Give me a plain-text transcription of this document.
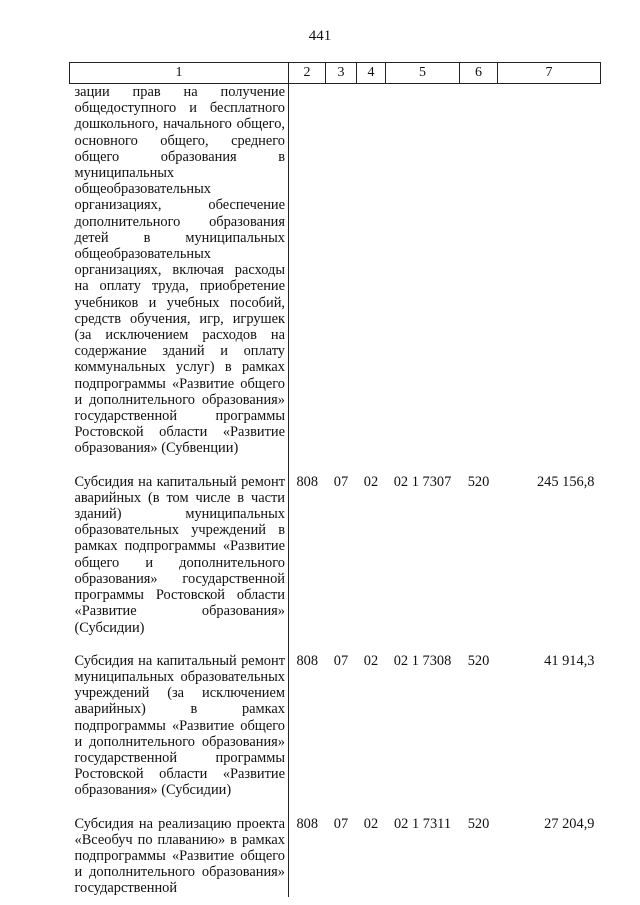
441
1	2	3	4	5	6	7
зации прав на получение общедоступного и бесплатного дошкольного, начального общего, основного общего, среднего общего образования в муниципальных общеобразовательных организациях, обеспечение дополнительного образования детей в муниципальных общеобразовательных организациях, включая расходы на оплату труда, приобретение учебников и учебных пособий, средств обучения, игр, игрушек (за исключением расходов на содержание зданий и оплату коммунальных услуг) в рамках подпрограммы «Развитие общего и дополнительного образования» государственной программы Ростовской области «Развитие образования» (Субвенции)						

Субсидия на капитальный ремонт аварийных (в том числе в части зданий) муниципальных образовательных учреждений в рамках подпрограммы «Развитие общего и дополнительного образования» государственной программы Ростовской области «Развитие образования» (Субсидии)	808	07	02	02 1 7307	520	245 156,8

Субсидия на капитальный ремонт муниципальных образовательных учреждений (за исключением аварийных) в рамках подпрограммы «Развитие общего и дополнительного образования» государственной программы Ростовской области «Развитие образования» (Субсидии)	808	07	02	02 1 7308	520	41 914,3

Субсидия на реализацию проекта «Всеобуч по плаванию» в рамках подпрограммы «Развитие общего и дополнительного образования» государственной	808	07	02	02 1 7311	520	27 204,9
